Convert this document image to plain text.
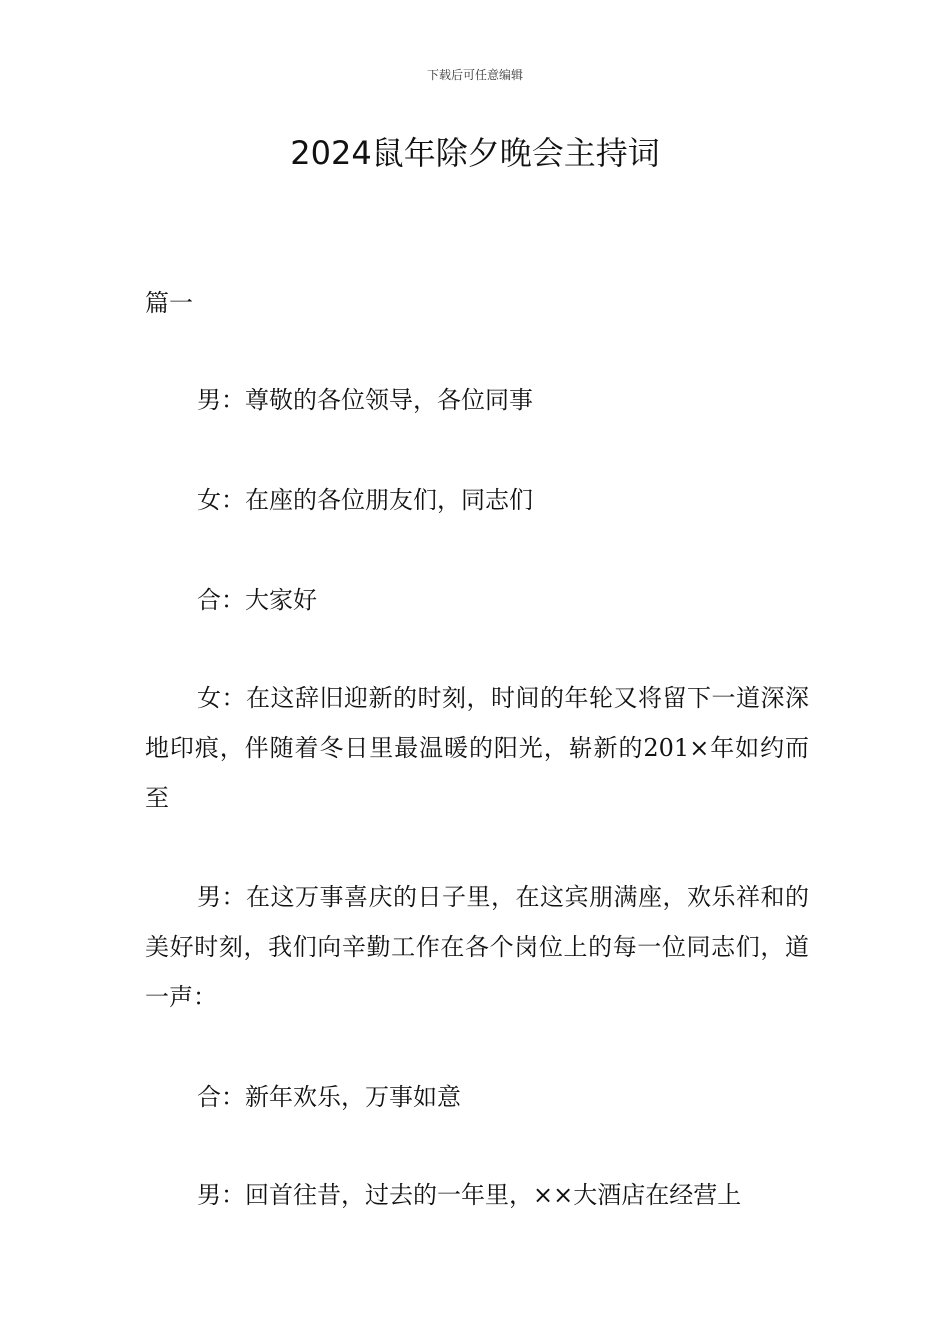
下载后可任意编辑
2024鼠年除夕晚会主持词
篇一

男：尊敬的各位领导，各位同事

女：在座的各位朋友们，同志们

合：大家好

女：在这辞旧迎新的时刻，时间的年轮又将留下一道深深地印痕，伴随着冬日里最温暖的阳光，崭新的201×年如约而至

男：在这万事喜庆的日子里，在这宾朋满座，欢乐祥和的美好时刻，我们向辛勤工作在各个岗位上的每一位同志们，道一声：

合：新年欢乐，万事如意

男：回首往昔，过去的一年里，××大酒店在经营上
